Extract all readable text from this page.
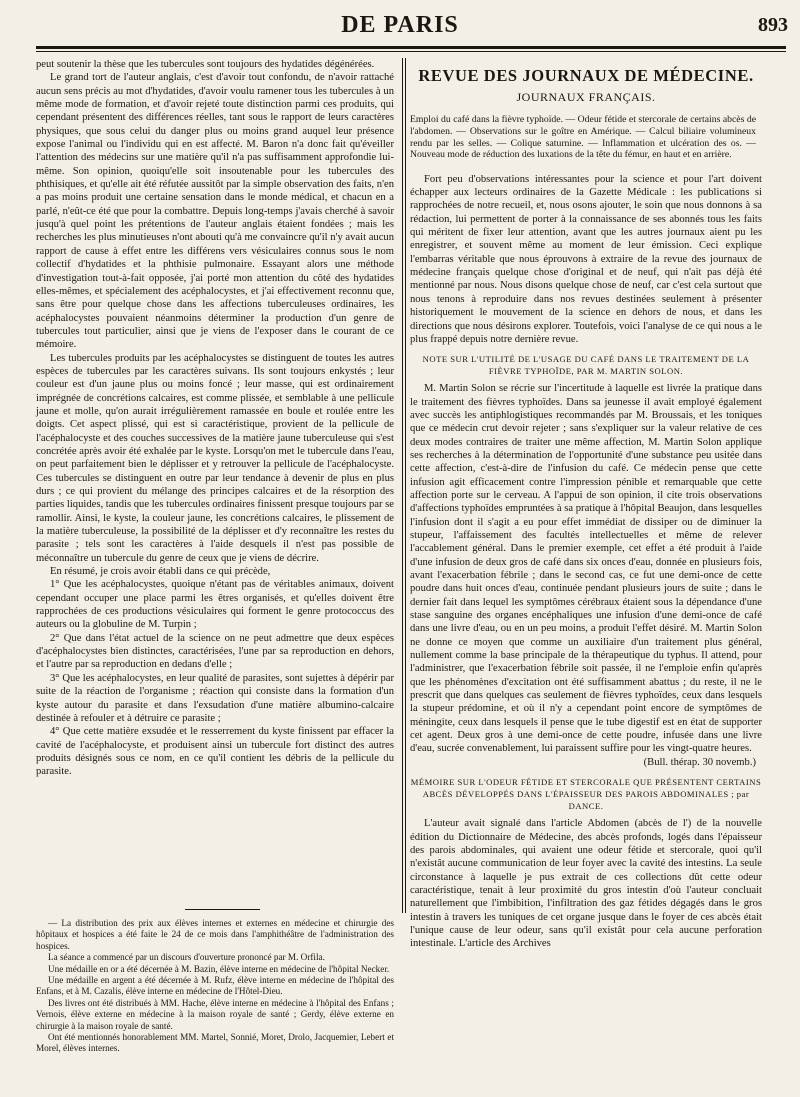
DE PARIS	893

peut soutenir la thèse que les tubercules sont toujours des hydatides dégénérées.

Le grand tort de l'auteur anglais, c'est d'avoir tout confondu, de n'avoir rattaché aucun sens précis au mot d'hydatides, d'avoir voulu ramener tous les tubercules à un même mode de formation, et d'avoir rejeté toute distinction parmi ces produits, qui cependant présentent des différences réelles, tant sous le rapport de leurs caractères physiques, que sous celui du danger plus ou moins grand auquel leur présence expose l'animal ou l'individu qui en est affecté. M. Baron n'a donc fait qu'éveiller l'attention des médecins sur une matière qu'il n'a pas suffisamment approfondie lui-même. Son opinion, quoiqu'elle soit insoutenable pour les tubercules des phthisiques, et qu'elle ait été réfutée aussitôt par la simple observation des faits, n'en a pas moins produit une certaine sensation dans le monde médical, et chacun en a parlé, n'eût-ce été que pour la combattre. Depuis long-temps j'avais cherché à savoir jusqu'à quel point les prétentions de l'auteur anglais étaient fondées ; mais les recherches les plus minutieuses n'ont abouti qu'à me convaincre qu'il n'y avait aucun rapport de cause à effet entre les différens vers vésiculaires connus sous le nom collectif d'hydatides et la phthisie pulmonaire. Essayant alors une méthode d'investigation tout-à-fait opposée, j'ai porté mon attention du côté des hydatides elles-mêmes, et spécialement des acéphalocystes, et j'ai effectivement reconnu que, sans être pour quelque chose dans les affections tuberculeuses ordinaires, les acéphalocystes pouvaient néanmoins déterminer la production d'un genre de tubercules tout particulier, ainsi que je viens de l'exposer dans le courant de ce mémoire.

Les tubercules produits par les acéphalocystes se distinguent de toutes les autres espèces de tubercules par les caractères suivans. Ils sont toujours enkystés ; leur couleur est d'un jaune plus ou moins foncé ; leur masse, qui est ordinairement imprégnée de concrétions calcaires, est comme plissée, et semblable à une pellicule jaune et molle, qu'on aurait irrégulièrement ramassée en boule et roulée entre les doigts. Cet aspect plissé, qui est si caractéristique, provient de la pellicule de l'acéphalocyste et des couches successives de la matière jaune tuberculeuse qui s'est concrétée après avoir été exhalée par le kyste. Lorsqu'on met le tubercule dans l'eau, on peut parfaitement bien le déplisser et y retrouver la pellicule de l'acéphalocyste. Ces tubercules se distinguent en outre par leur tendance à devenir de plus en plus durs ; ce qui provient du mélange des principes calcaires et de la résorption des parties liquides, tandis que les tubercules ordinaires finissent presque toujours par se ramollir. Ainsi, le kyste, la couleur jaune, les concrétions calcaires, le plissement de la matière tuberculeuse, la possibilité de la déplisser et d'y reconnaître les restes du parasite ; tels sont les caractères à l'aide desquels il n'est pas possible de méconnaître un tubercule du genre de ceux que je viens de décrire.

En résumé, je crois avoir établi dans ce qui précède,

1° Que les acéphalocystes, quoique n'étant pas de véritables animaux, doivent cependant occuper une place parmi les êtres organisés, et qu'elles doivent être rapprochées de ces productions vésiculaires qui forment le genre protococcus des auteurs ou la globuline de M. Turpin ;

2° Que dans l'état actuel de la science on ne peut admettre que deux espèces d'acéphalocystes bien distinctes, caractérisées, l'une par sa reproduction en dehors, et l'autre par sa reproduction en dedans d'elle ;

3° Que les acéphalocystes, en leur qualité de parasites, sont sujettes à dépérir par suite de la réaction de l'organisme ; réaction qui consiste dans la formation d'un kyste autour du parasite et dans l'exsudation d'une matière albumino-calcaire destinée à refouler et à détruire ce parasite ;

4° Que cette matière exsudée et le resserrement du kyste finissent par effacer la cavité de l'acéphalocyste, et produisent ainsi un tubercule fort distinct des autres produits désignés sous ce nom, en ce qu'il contient les débris de la pellicule du parasite.

— La distribution des prix aux élèves internes et externes en médecine et chirurgie des hôpitaux et hospices a été faite le 24 de ce mois dans l'amphithéâtre de l'administration des hospices.

La séance a commencé par un discours d'ouverture prononcé par M. Orfila.

Une médaille en or a été décernée à M. Bazin, élève interne en médecine de l'hôpital Necker.

Une médaille en argent a été décernée à M. Rufz, élève interne en médecine de l'hôpital des Enfans, et à M. Cazalis, élève interne en médecine de l'Hôtel-Dieu.

Des livres ont été distribués à MM. Hache, élève interne en médecine à l'hôpital des Enfans ; Vernois, élève externe en médecine à la maison royale de santé ; Gerdy, élève externe en chirurgie à la maison royale de santé.

Ont été mentionnés honorablement MM. Martel, Sonnié, Moret, Drolo, Jacquemier, Lebert et Morel, élèves internes.

REVUE DES JOURNAUX DE MÉDECINE.
JOURNAUX FRANÇAIS.
Emploi du café dans la fièvre typhoïde. — Odeur fétide et stercorale de certains abcès de l'abdomen. — Observations sur le goître en Amérique. — Calcul biliaire volumineux rendu par les selles. — Colique saturnine. — Inflammation et ulcération des os. — Nouveau mode de réduction des luxations de la tête du fémur, en haut et en arrière.

Fort peu d'observations intéressantes pour la science et pour l'art doivent échapper aux lecteurs ordinaires de la Gazette Médicale : les publications si rapprochées de notre recueil, et, nous osons ajouter, le soin que nous donnons à sa rédaction, lui permettent de porter à la connaissance de ses abonnés tous les faits qui méritent de fixer leur attention, avant que les autres journaux aient pu les enregistrer, et souvent même au moment de leur émission. Ceci explique l'embarras véritable que nous éprouvons à extraire de la revue des journaux de médecine français quelque chose d'original et de neuf, qui n'ait pas déjà été mentionné par nous. Nous disons quelque chose de neuf, car c'est cela surtout que nous tenons à reproduire dans nos revues destinées seulement à présenter historiquement le mouvement de la science en dehors de nous, et dans les directions que nous désirons explorer. Toutefois, voici l'analyse de ce qui nous a le plus frappé depuis notre dernière revue.

NOTE SUR L'UTILITÉ DE L'USAGE DU CAFÉ DANS LE TRAITEMENT DE LA FIÈVRE TYPHOÏDE, PAR M. MARTIN SOLON.

M. Martin Solon se récrie sur l'incertitude à laquelle est livrée la pratique dans le traitement des fièvres typhoïdes. Dans sa jeunesse il avait employé également avec succès les antiphlogistiques recommandés par M. Broussais, et les toniques que ce médecin crut devoir rejeter ; sans s'expliquer sur la valeur relative de ces deux modes contraires de traiter une même affection, M. Martin Solon applique ses recherches à la détermination de l'opportunité d'une substance peu usitée dans cette affection, c'est-à-dire de l'infusion du café. Ce médecin pense que cette infusion agit efficacement contre l'impression pénible et remarquable que cette affection porte sur le cerveau. A l'appui de son opinion, il cite trois observations d'affections typhoïdes empruntées à sa pratique à l'hôpital Beaujon, dans lesquelles l'infusion dont il s'agit a eu pour effet immédiat de dissiper ou de diminuer la stupeur, l'affaissement des facultés intellectuelles et même de relever l'accablement général. Dans le premier exemple, cet effet a été produit à l'aide d'une infusion de deux gros de café dans six onces d'eau, donnée en plusieurs fois, avant l'exacerbation fébrile ; dans le second cas, ce fut une demi-once de cette poudre dans huit onces d'eau, continuée pendant plusieurs jours de suite ; dans le dernier fait dans lequel les symptômes cérébraux étaient sous la dépendance d'une stase sanguine des organes encéphaliques une infusion d'une demi-once de café dans une livre d'eau, ou en un peu moins, a produit l'effet désiré. M. Martin Solon ne donne ce moyen que comme un auxiliaire d'un traitement plus général, nullement comme la base principale de la thérapeutique du typhus. Il attend, pour l'administrer, que l'exacerbation fébrile soit passée, il ne l'emploie enfin qu'après que les phénomènes d'excitation ont été suffisamment abattus ; du reste, il ne le prescrit que dans quelques cas seulement de fièvres typhoïdes, ceux dans lesquels la stupeur prédomine, et où il n'y a cependant point encore de symptômes de méningite, ceux dans lesquels il pense que le tube digestif est en état de supporter cet agent. Deux gros à une demi-once de cette poudre, infusée dans une livre d'eau, sucrée convenablement, lui paraissent suffire pour les vingt-quatre heures.

(Bull. thérap. 30 novemb.)

MÉMOIRE SUR L'ODEUR FÉTIDE ET STERCORALE QUE PRÉSENTENT CERTAINS ABCÈS DÉVELOPPÉS DANS L'ÉPAISSEUR DES PAROIS ABDOMINALES ; par DANCE.

L'auteur avait signalé dans l'article Abdomen (abcès de l') de la nouvelle édition du Dictionnaire de Médecine, des abcès profonds, logés dans l'épaisseur des parois abdominales, qui avaient une odeur fétide et stercorale, quoi qu'il n'existât aucune communication de leur foyer avec la cavité des intestins. La seule circonstance à laquelle je pus extrait de ces collections dût cette odeur caractéristique, tenait à leur proximité du gros intestin d'où l'auteur concluait naturellement que l'imbibition, l'infiltration des gaz fétides dégagés dans le gros intestin à travers les tuniques de cet organe jusque dans le foyer de ces abcès était l'unique cause de leur odeur, sans qu'il existât pour cela aucune perforation intestinale. L'article des Archives
